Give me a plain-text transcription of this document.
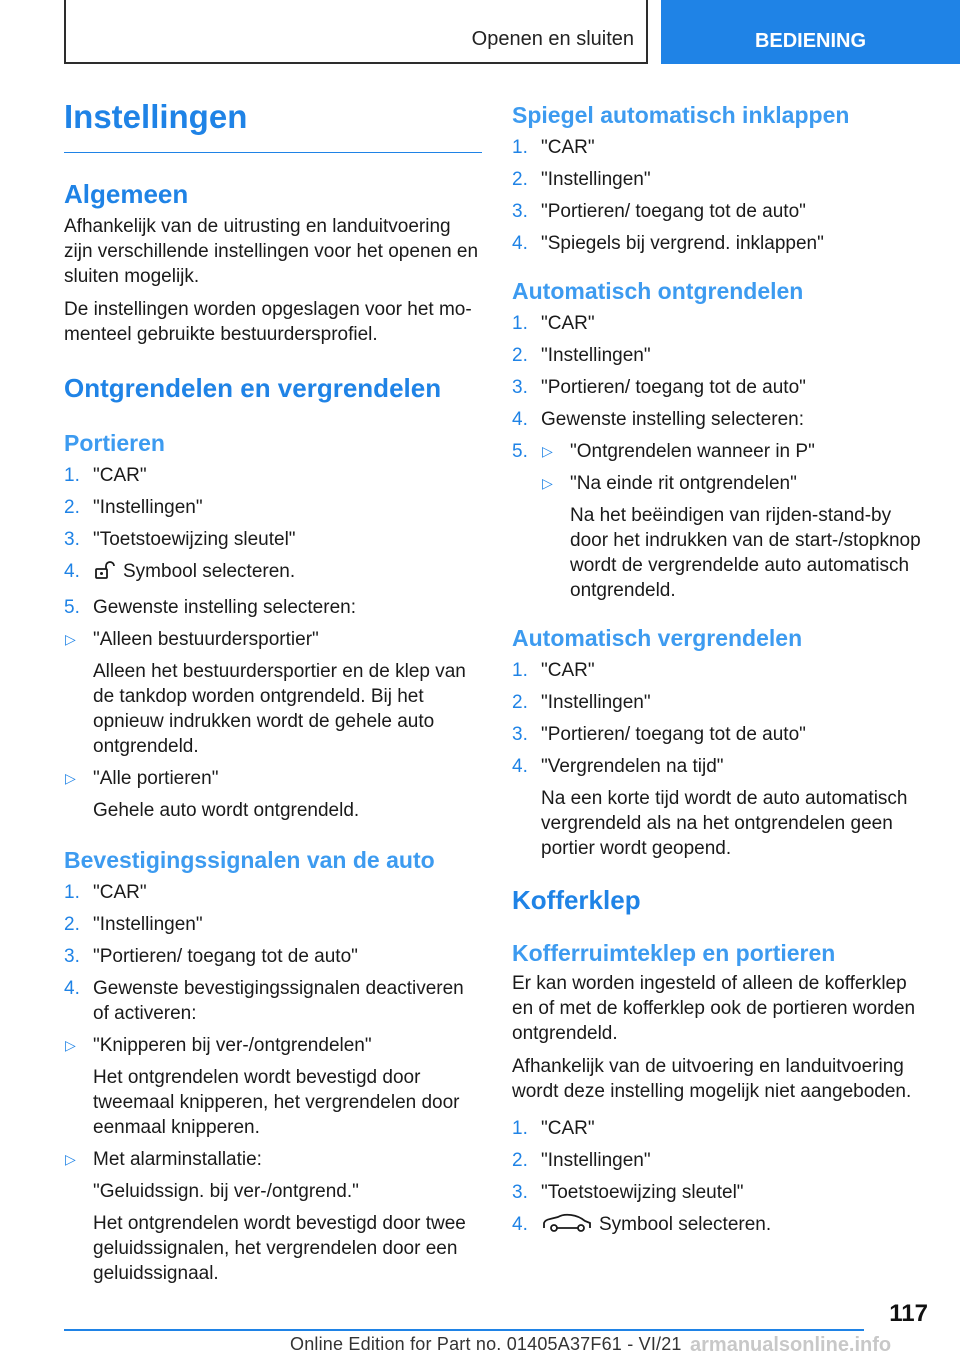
Openen en sluiten	BEDIENING
Instellingen
Algemeen

Afhankelijk van de uitrusting en landuitvoering zijn verschillende instellingen voor het openen en sluiten mogelijk.

De instellingen worden opgeslagen voor het mo-menteel gebruikte bestuurdersprofiel.

Ontgrendelen en vergrendelen
Portieren
1. "CAR"
2. "Instellingen"
3. "Toetstoewijzing sleutel"
4. Symbool selecteren.
5. Gewenste instelling selecteren:
▷ "Alleen bestuurdersportier"
Alleen het bestuurdersportier en de klep van de tankdop worden ontgrendeld. Bij het opnieuw indrukken wordt de gehele auto ontgrendeld.
▷ "Alle portieren"
Gehele auto wordt ontgrendeld.
Bevestigingssignalen van de auto
1. "CAR"
2. "Instellingen"
3. "Portieren/ toegang tot de auto"
4. Gewenste bevestigingssignalen deactiveren of activeren:
▷ "Knipperen bij ver-/ontgrendelen"
Het ontgrendelen wordt bevestigd door tweemaal knipperen, het vergrendelen door eenmaal knipperen.
▷ Met alarminstallatie:
"Geluidssign. bij ver-/ontgrend."
Het ontgrendelen wordt bevestigd door twee geluidssignalen, het vergrendelen door een geluidssignaal.
Spiegel automatisch inklappen
1. "CAR"
2. "Instellingen"
3. "Portieren/ toegang tot de auto"
4. "Spiegels bij vergrend. inklappen"
Automatisch ontgrendelen
1. "CAR"
2. "Instellingen"
3. "Portieren/ toegang tot de auto"
4. Gewenste instelling selecteren:
5. ▷ "Ontgrendelen wanneer in P"
▷ "Na einde rit ontgrendelen"
Na het beëindigen van rijden-stand-by door het indrukken van de start-/stopknop wordt de vergrendelde auto automatisch ontgrendeld.
Automatisch vergrendelen
1. "CAR"
2. "Instellingen"
3. "Portieren/ toegang tot de auto"
4. "Vergrendelen na tijd"
Na een korte tijd wordt de auto automatisch vergrendeld als na het ontgrendelen geen portier wordt geopend.
Kofferklep
Kofferruimteklep en portieren

Er kan worden ingesteld of alleen de kofferklep en of met de kofferklep ook de portieren worden ontgrendeld.

Afhankelijk van de uitvoering en landuitvoering wordt deze instelling mogelijk niet aangeboden.

1. "CAR"
2. "Instellingen"
3. "Toetstoewijzing sleutel"
4.	Symbool selecteren.
117
Online Edition for Part no. 01405A37F61 - VI/21 armanualsonline.info
